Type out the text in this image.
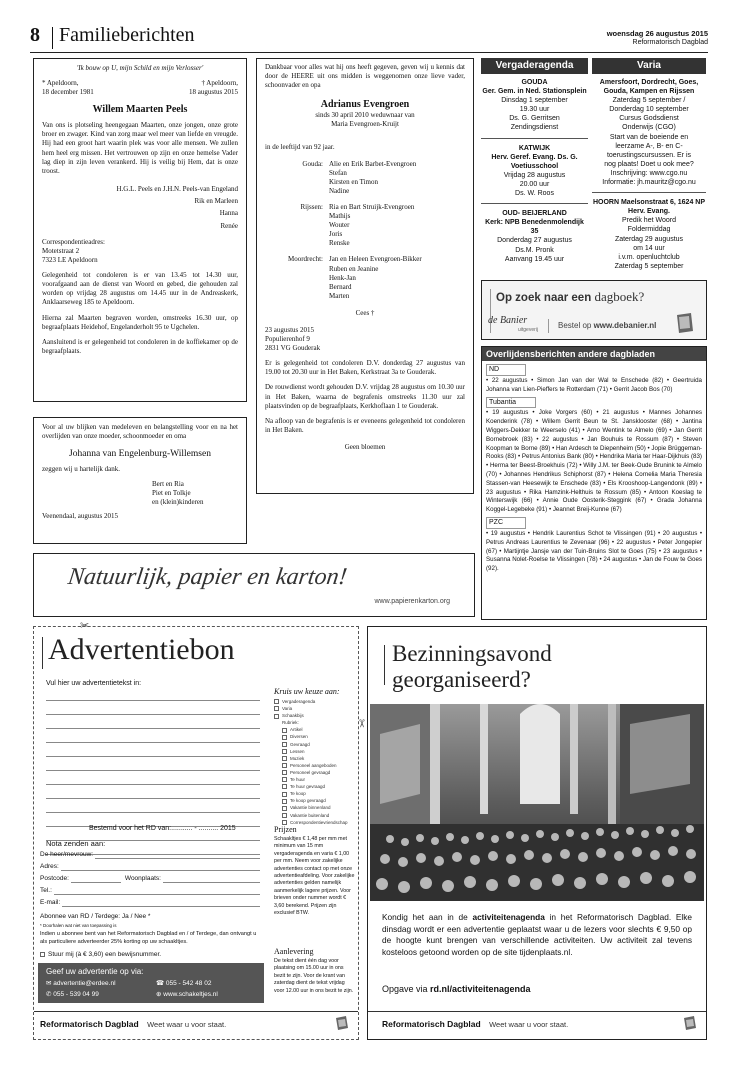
8 Familieberichten	woensdag 26 augustus 2015
Reformatorisch Dagblad
'Ik bouw op U, mijn Schild en mijn Verlosser'
* Apeldoorn,
18 december 1981
† Apeldoorn,
18 augustus 2015
Willem Maarten Peels
Van ons is plotseling heengegaan Maarten, onze jongen, onze grote broer en zwager. Kind van zorg maar wel meer van liefde en vreugde. Hij had een groot hart waarin plek was voor alle mensen. We zullen hem heel erg missen. Het vertrouwen op zijn en onze hemelse Vader lag diep in zijn leven verankerd. Hij is veilig bij Hem, dat is onze troost.
H.G.L. Peels en J.H.N. Peels-van Engeland
Rik en Marleen
Hanna
Renée
Correspondentieadres:
Motetstraat 2
7323 LE Apeldoorn
Gelegenheid tot condoleren is er van 13.45 tot 14.30 uur, voorafgaand aan de dienst van Woord en gebed, die gehouden zal worden op vrijdag 28 augustus om 14.45 uur in de Andreaskerk, Anklaarseweg 185 te Apeldoorn.
Hierna zal Maarten begraven worden, omstreeks 16.30 uur, op begraafplaats Heidehof, Engelanderholt 95 te Ugchelen.
Aansluitend is er gelegenheid tot condoleren in de koffiekamer op de begraafplaats.
Voor al uw blijken van medeleven en belangstelling voor en na het overlijden van onze moeder, schoonmoeder en oma
Johanna van Engelenburg-Willemsen
zeggen wij u hartelijk dank.
Bert en Ria
Piet en Tolkje
en (klein)kinderen
Veenendaal, augustus 2015
Dankbaar voor alles wat hij ons heeft gegeven, geven wij u kennis dat door de HEERE uit ons midden is weggenomen onze lieve vader, schoonvader en opa
Adrianus Evengroen
sinds 30 april 2010 weduwnaar van
Maria Evengroen-Kruijt
in de leeftijd van 92 jaar.
Gouda: Alie en Erik Barbet-Evengroen
Stefan
Kirsten en Timon
Nadine
Rijssen: Ria en Bart Struijk-Evengroen
Mathijs
Wouter
Joris
Renske
Moordrecht: Jan en Heleen Evengroen-Bikker
Ruben en Jeanine
Henk-Jan
Bernard
Marten
Cees †
23 augustus 2015
Populierenhof 9
2831 VG Gouderak
Er is gelegenheid tot condoleren D.V. donderdag 27 augustus van 19.00 tot 20.30 uur in Het Baken, Kerkstraat 3a te Gouderak.
De rouwdienst wordt gehouden D.V. vrijdag 28 augustus om 10.30 uur in Het Baken, waarna de begrafenis omstreeks 11.30 uur zal plaatsvinden op de begraafplaats, Kerkhoflaan 1 te Gouderak.
Na afloop van de begrafenis is er eveneens gelegenheid tot condoleren in Het Baken.
Geen bloemen
Vergaderagenda
GOUDA
Ger. Gem. in Ned. Stationsplein
Dinsdag 1 september
19.30 uur
Ds. G. Gerritsen
Zendingsdienst
KATWIJK
Herv. Geref. Evang. Ds. G. Voetiusschool
Vrijdag 28 augustus
20.00 uur
Ds. W. Roos
OUD- BEIJERLAND
Kerk: NPB Benedenmolendijk 35
Donderdag 27 augustus
Ds.M. Pronk
Aanvang 19.45 uur
Varia
Amersfoort, Dordrecht, Goes, Gouda, Kampen en Rijssen
Zaterdag 5 september /
Donderdag 10 september
Cursus Godsdienst
Onderwijs (CGO)
Start van de boeiende en
leerzame A-, B- en C-
toerustingscursussen. Er is
nog plaats! Doet u ook mee?
Inschrijving: www.cgo.nu
Informatie: jh.mauritz@cgo.nu
HOORN Maelsonstraat 6, 1624 NP Herv. Evang.
Predik het Woord
Foldermiddag
Zaterdag 29 augustus
om 14 uur
i.v.m. openluchtclub
Zaterdag 5 september
Op zoek naar een dagboek?
de Banier
uitgeverij Bestel op www.debanier.nl
Overlijdensberichten andere dagbladen
ND
• 22 augustus • Simon Jan van der Wal te Enschede (82) • Geertruida Johanna van Lien-Pieffers te Rotterdam (71) • Gerrit Jacob Bos (70)
Tubantia
• 19 augustus • Joke Vorgers (60) • 21 augustus • Mannes Johannes Koenderink (78) • Willem Gerrit Beun te St. Jansklooster (68) • Jantina Wiggers-Dekker te Weerselo (41) • Arno Wentink te Almelo (69) • Jan Gerrit Bornebroek (83) • 22 augustus • Jan Bouhuis te Rossum (87) • Steven Koopman te Borne (89) • Han Ardesch te Diepenheim (50) • Jopie Brüggeman-Rooks (83) • Petrus Antonius Bank (80) • Hendrika Maria ter Haar-Dijkhuis (83) • Herma ter Beest-Broekhuis (72) • Willy J.M. ter Beek-Oude Brunink te Almelo (70) • Johannes Hendrikus Schiphorst (87) • Helena Cornelia Maria Theresia Stassen-van Heesewijk te Enschede (83) • Els Krooshoop-Langendonk (89) • 23 augustus • Rika Hamzink-Helthuis te Rossum (85) • Antoon Koeslag te Winterswijk (66) • Annie Oude Oosterik-Steggink (67) • Grada Johanna Koggel-Legebeke (91) • Jeannet Breij-Kunne (67)
PZC
• 19 augustus • Hendrik Laurentius Schot te Vlissingen (91) • 20 augustus • Petrus Andreas Laurentius te Zevenaar (96) • 22 augustus • Peter Jongepier (67) • Martijntje Jansje van der Tuin-Bruins Slot te Goes (75) • 23 augustus • Susanna Nolet-Roelse te Vlissingen (78) • 24 augustus • Jan de Fouw te Goes (92).
Natuurlijk, papier en karton!
www.papierenkarton.org
✂
✂
Advertentiebon
Vul hier uw advertentietekst in:
Kruis uw keuze aan:
Vergaderagenda
Varia
Schaakbijs
Rubriek:
Artikel
Diversen
Gevraagd
Lessen
Muziek
Personeel aangeboden
Personeel gevraagd
Te huur
Te huur gevraagd
Te koop
Te koop gevraagd
Vakantie binnenland
Vakantie buitenland
Correspondentievriendschap
Bestemd voor het RD van:........... - .......... 2015
Nota zenden aan:
De heer/mevrouw:
Adres:
Postcode:	Woonplaats:
Tel.:
E-mail:
Abonnee van RD / Terdege: Ja / Nee *
* Doorhalen wat niet van toepassing is
Indien u abonnee bent van het Reformatorisch Dagblad en / of Terdege, dan ontvangt u als particuliere adverteerder 25% korting op uw schaakltjes.
Stuur mij (à € 3,60) een bewijsnummer.
Geef uw advertentie op via:
✉ advertentie@erdee.nl	☎ 055 - 542 48 02
✆ 055 - 539 04 99	⊕ www.schakeltjes.nl
Prijzen
Schaakltjes € 1,48 per mm met minimum van 15 mm vergaderagenda en varia € 1,00 per mm. Neem voor zakelijke advertenties contact op met onze advertentieafdeling. Voor zakelijke advertenties gelden namelijk aanmerkelijk lagere prijzen. Voor brieven onder nummer wordt € 3,60 berekend. Prijzen zijn exclusief BTW.
Aanlevering
De tekst dient één dag voor plaatsing om 15.00 uur in ons bezit te zijn. Voor de krant van zaterdag dient de tekst vrijdag voor 12.00 uur in ons bezit te zijn.
Reformatorisch Dagblad Weet waar u voor staat.
Bezinningsavond
georganiseerd?
Kondig het aan in de activiteitenagenda in het Reformatorisch Dagblad. Elke dinsdag wordt er een advertentie geplaatst waar u de lezers voor slechts € 9,50 op de hoogte kunt brengen van verschillende activiteiten. Uw activiteit zal tevens kosteloos getoond worden op de site tijdenplaats.nl.
Opgave via rd.nl/activiteitenagenda
Reformatorisch Dagblad Weet waar u voor staat.
